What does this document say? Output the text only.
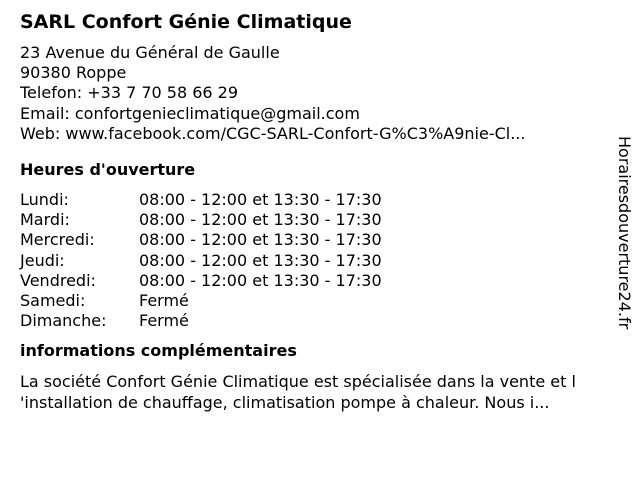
SARL Confort Génie Climatique
23 Avenue du Général de Gaulle
90380 Roppe
Telefon: +33 7 70 58 66 29
Email: confortgenieclimatique@gmail.com
Web: www.facebook.com/CGC-SARL-Confort-G%C3%A9nie-Cl...
Heures d'ouverture
Lundi:	08:00 - 12:00 et 13:30 - 17:30
Mardi:	08:00 - 12:00 et 13:30 - 17:30
Mercredi:	08:00 - 12:00 et 13:30 - 17:30
Jeudi:	08:00 - 12:00 et 13:30 - 17:30
Vendredi:	08:00 - 12:00 et 13:30 - 17:30
Samedi:	Fermé
Dimanche:	Fermé
informations complémentaires
La société Confort Génie Climatique est spécialisée dans la vente et l
'installation de chauffage, climatisation pompe à chaleur. Nous i...
Horairesdouverture24.fr
